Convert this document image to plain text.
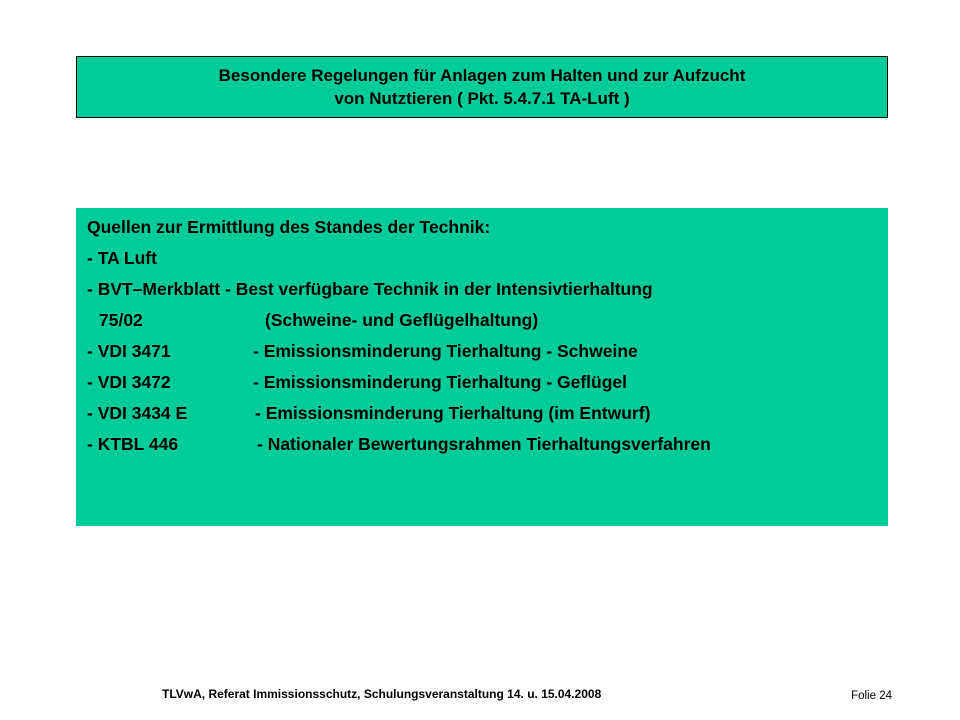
Besondere Regelungen für Anlagen zum Halten und zur Aufzucht
von Nutztieren ( Pkt. 5.4.7.1 TA-Luft )
Quellen zur Ermittlung des Standes der Technik:
- TA Luft
- BVT–Merkblatt - Best verfügbare Technik in der Intensivtierhaltung
75/02	(Schweine- und Geflügelhaltung)
- VDI 3471	- Emissionsminderung Tierhaltung - Schweine
- VDI 3472	- Emissionsminderung Tierhaltung - Geflügel
- VDI 3434 E	- Emissionsminderung Tierhaltung (im Entwurf)
- KTBL 446	- Nationaler Bewertungsrahmen Tierhaltungsverfahren
TLVwA, Referat Immissionsschutz, Schulungsveranstaltung 14. u. 15.04.2008	Folie 24
